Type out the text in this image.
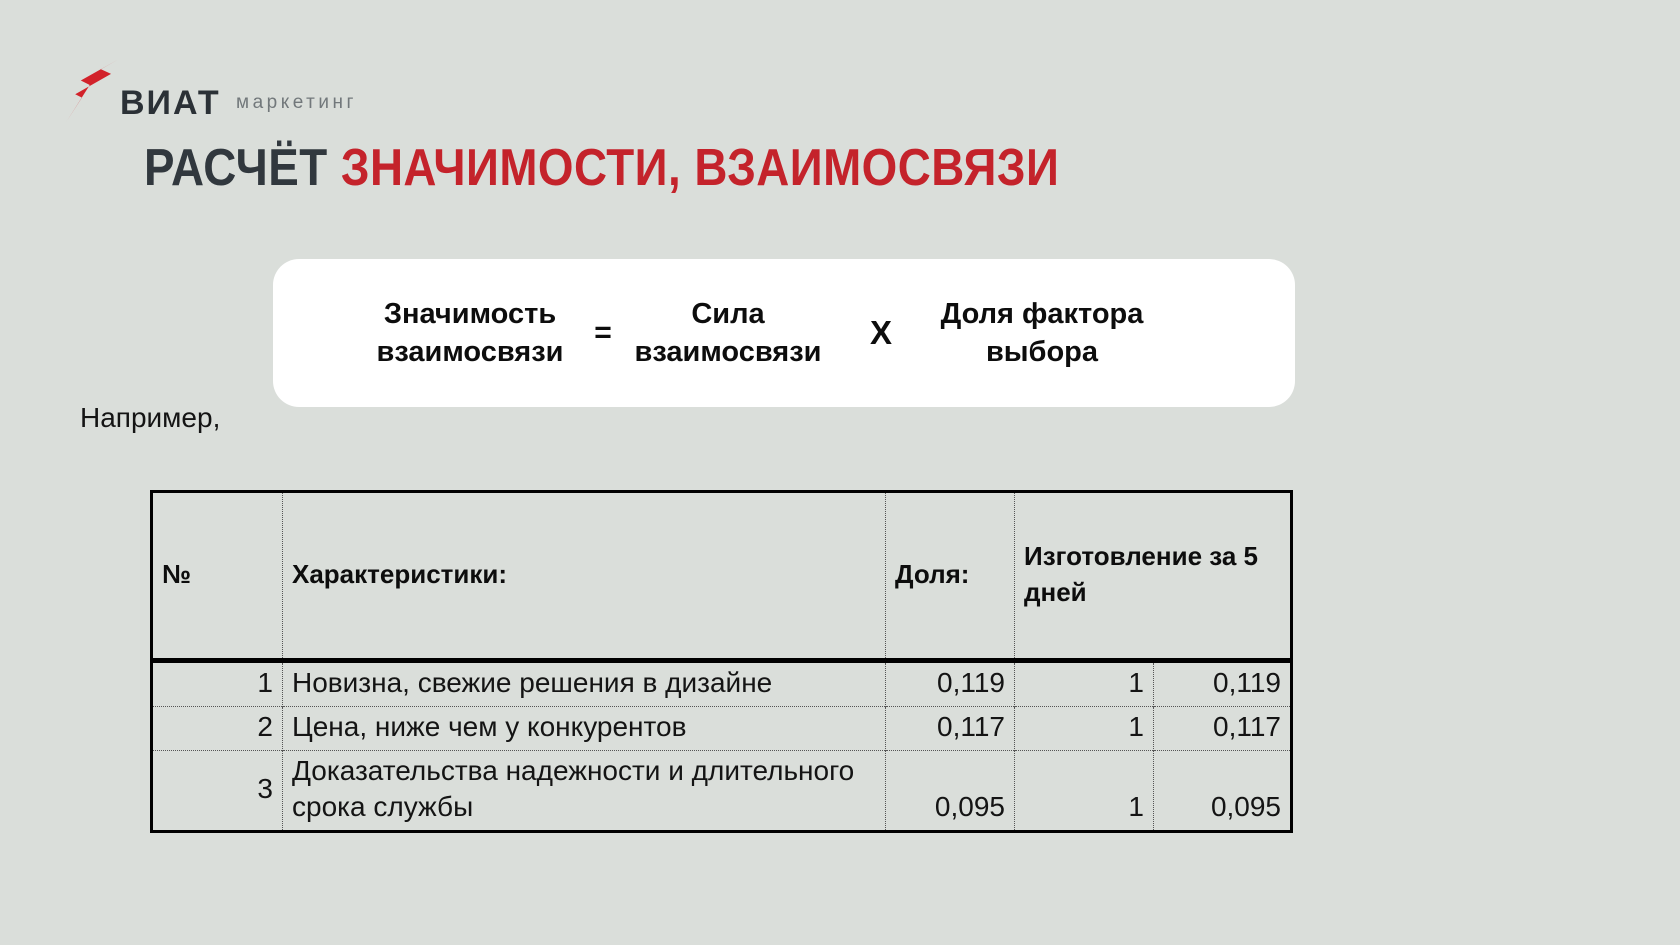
ВИАТ маркетинг
РАСЧЁТ ЗНАЧИМОСТИ, ВЗАИМОСВЯЗИ
Значимость взаимосвязи
=
Сила взаимосвязи
X	Доля фактора выбора
Например,
№	Характеристики:	Доля:	Изготовление за 5 дней	
1	Новизна, свежие решения в дизайне	0,119	1	0,119
2	Цена, ниже чем у конкурентов	0,117	1	0,117
3	Доказательства надежности и длительного срока службы	0,095	1	0,095
